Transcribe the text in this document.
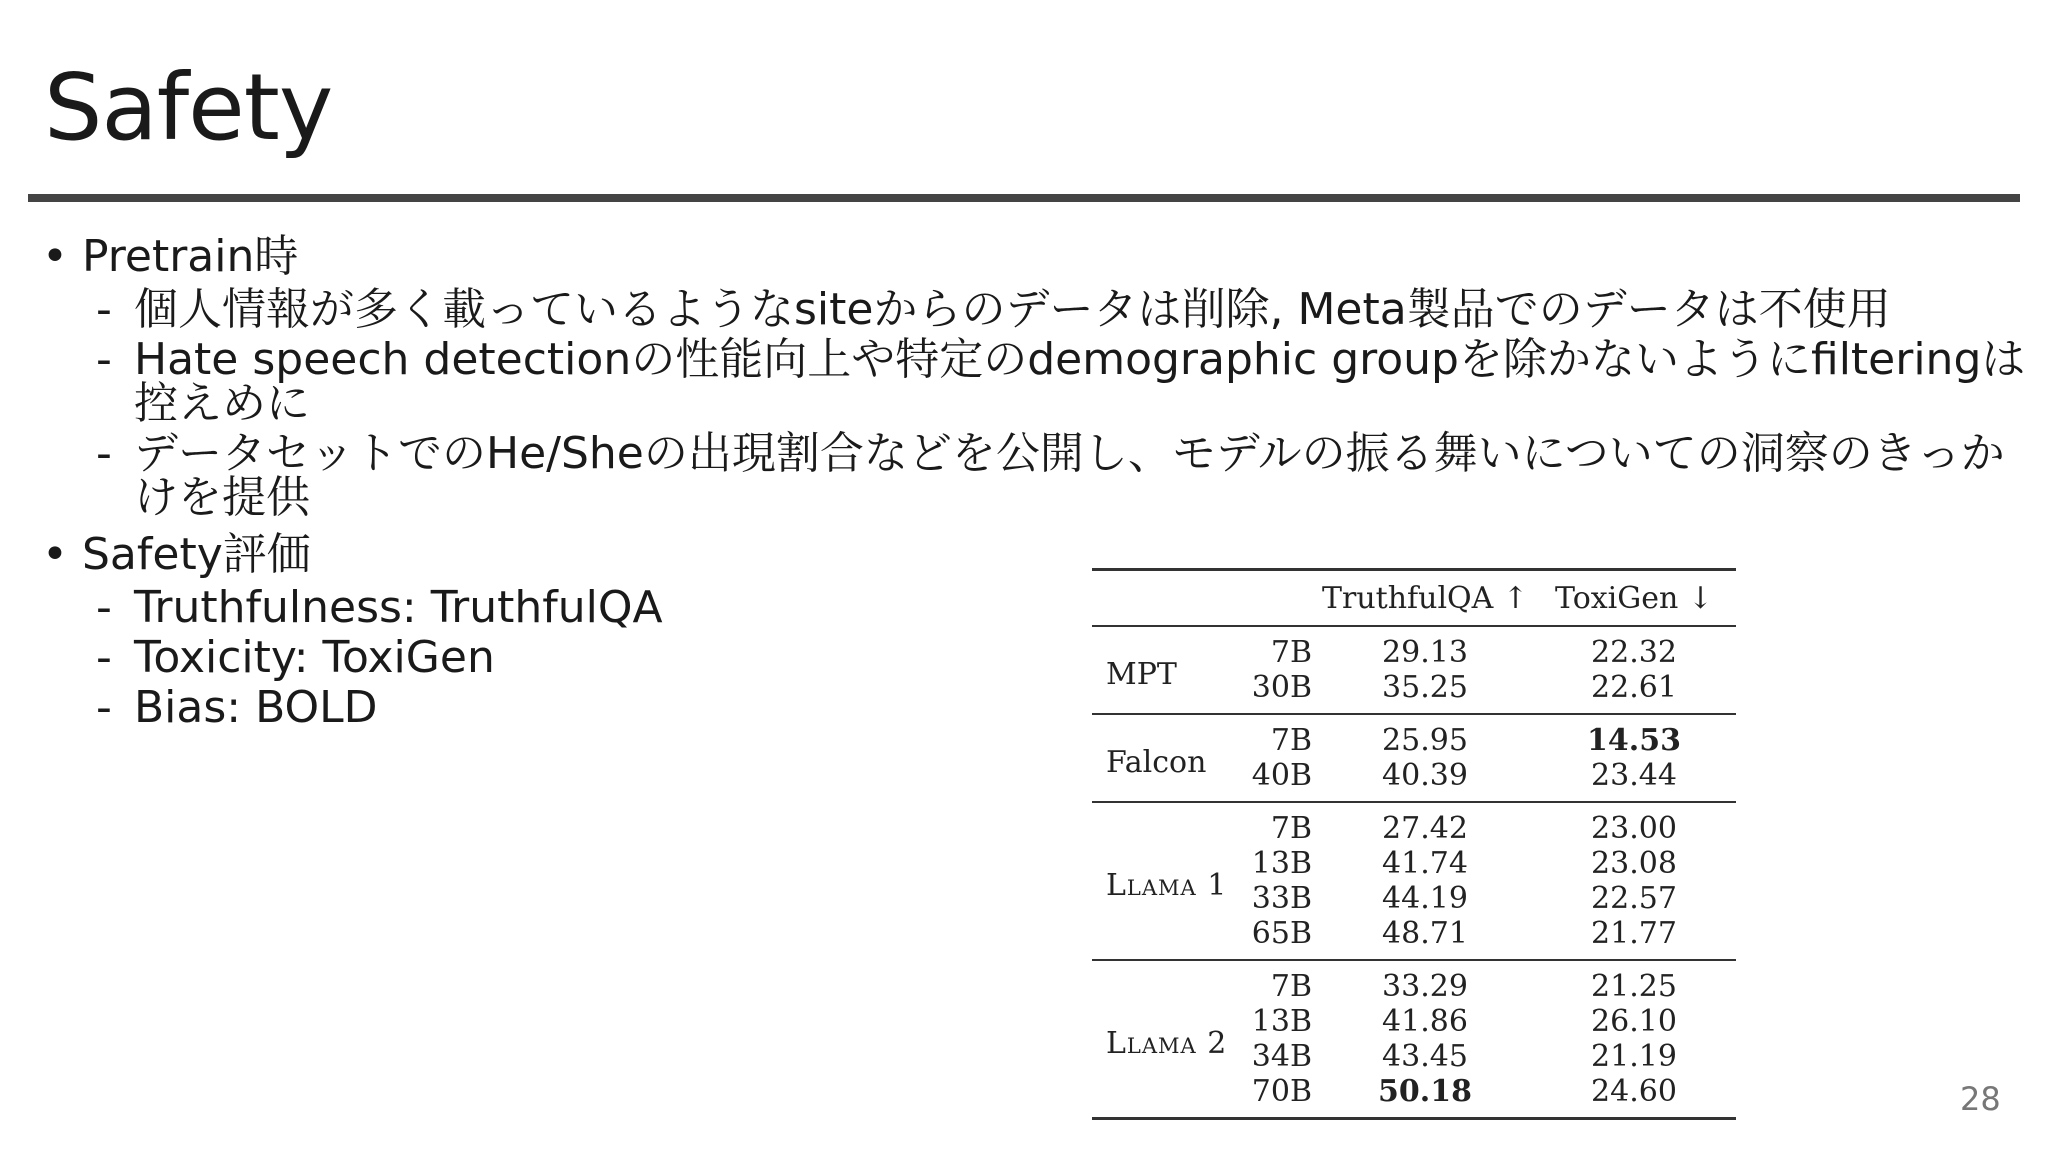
Safety
• Pretrain時
- 個人情報が多く載っているようなsiteからのデータは削除, Meta製品でのデータは不使用
- Hate speech detectionの性能向上や特定のdemographic groupを除かないようにfilteringは控えめに
- データセットでのHe/Sheの出現割合などを公開し、モデルの振る舞いについての洞察のきっかけを提供
• Safety評価
- Truthfulness: TruthfulQA
- Toxicity: ToxiGen
- Bias: BOLD
		TruthfulQA ↑	ToxiGen ↓
MPT	7B	29.13	22.32
	30B	35.25	22.61
Falcon	7B	25.95	14.53
	40B	40.39	23.44
Llama 1	7B	27.42	23.00
	13B	41.74	23.08
	33B	44.19	22.57
	65B	48.71	21.77
Llama 2	7B	33.29	21.25
	13B	41.86	26.10
	34B	43.45	21.19
	70B	50.18	24.60	28
